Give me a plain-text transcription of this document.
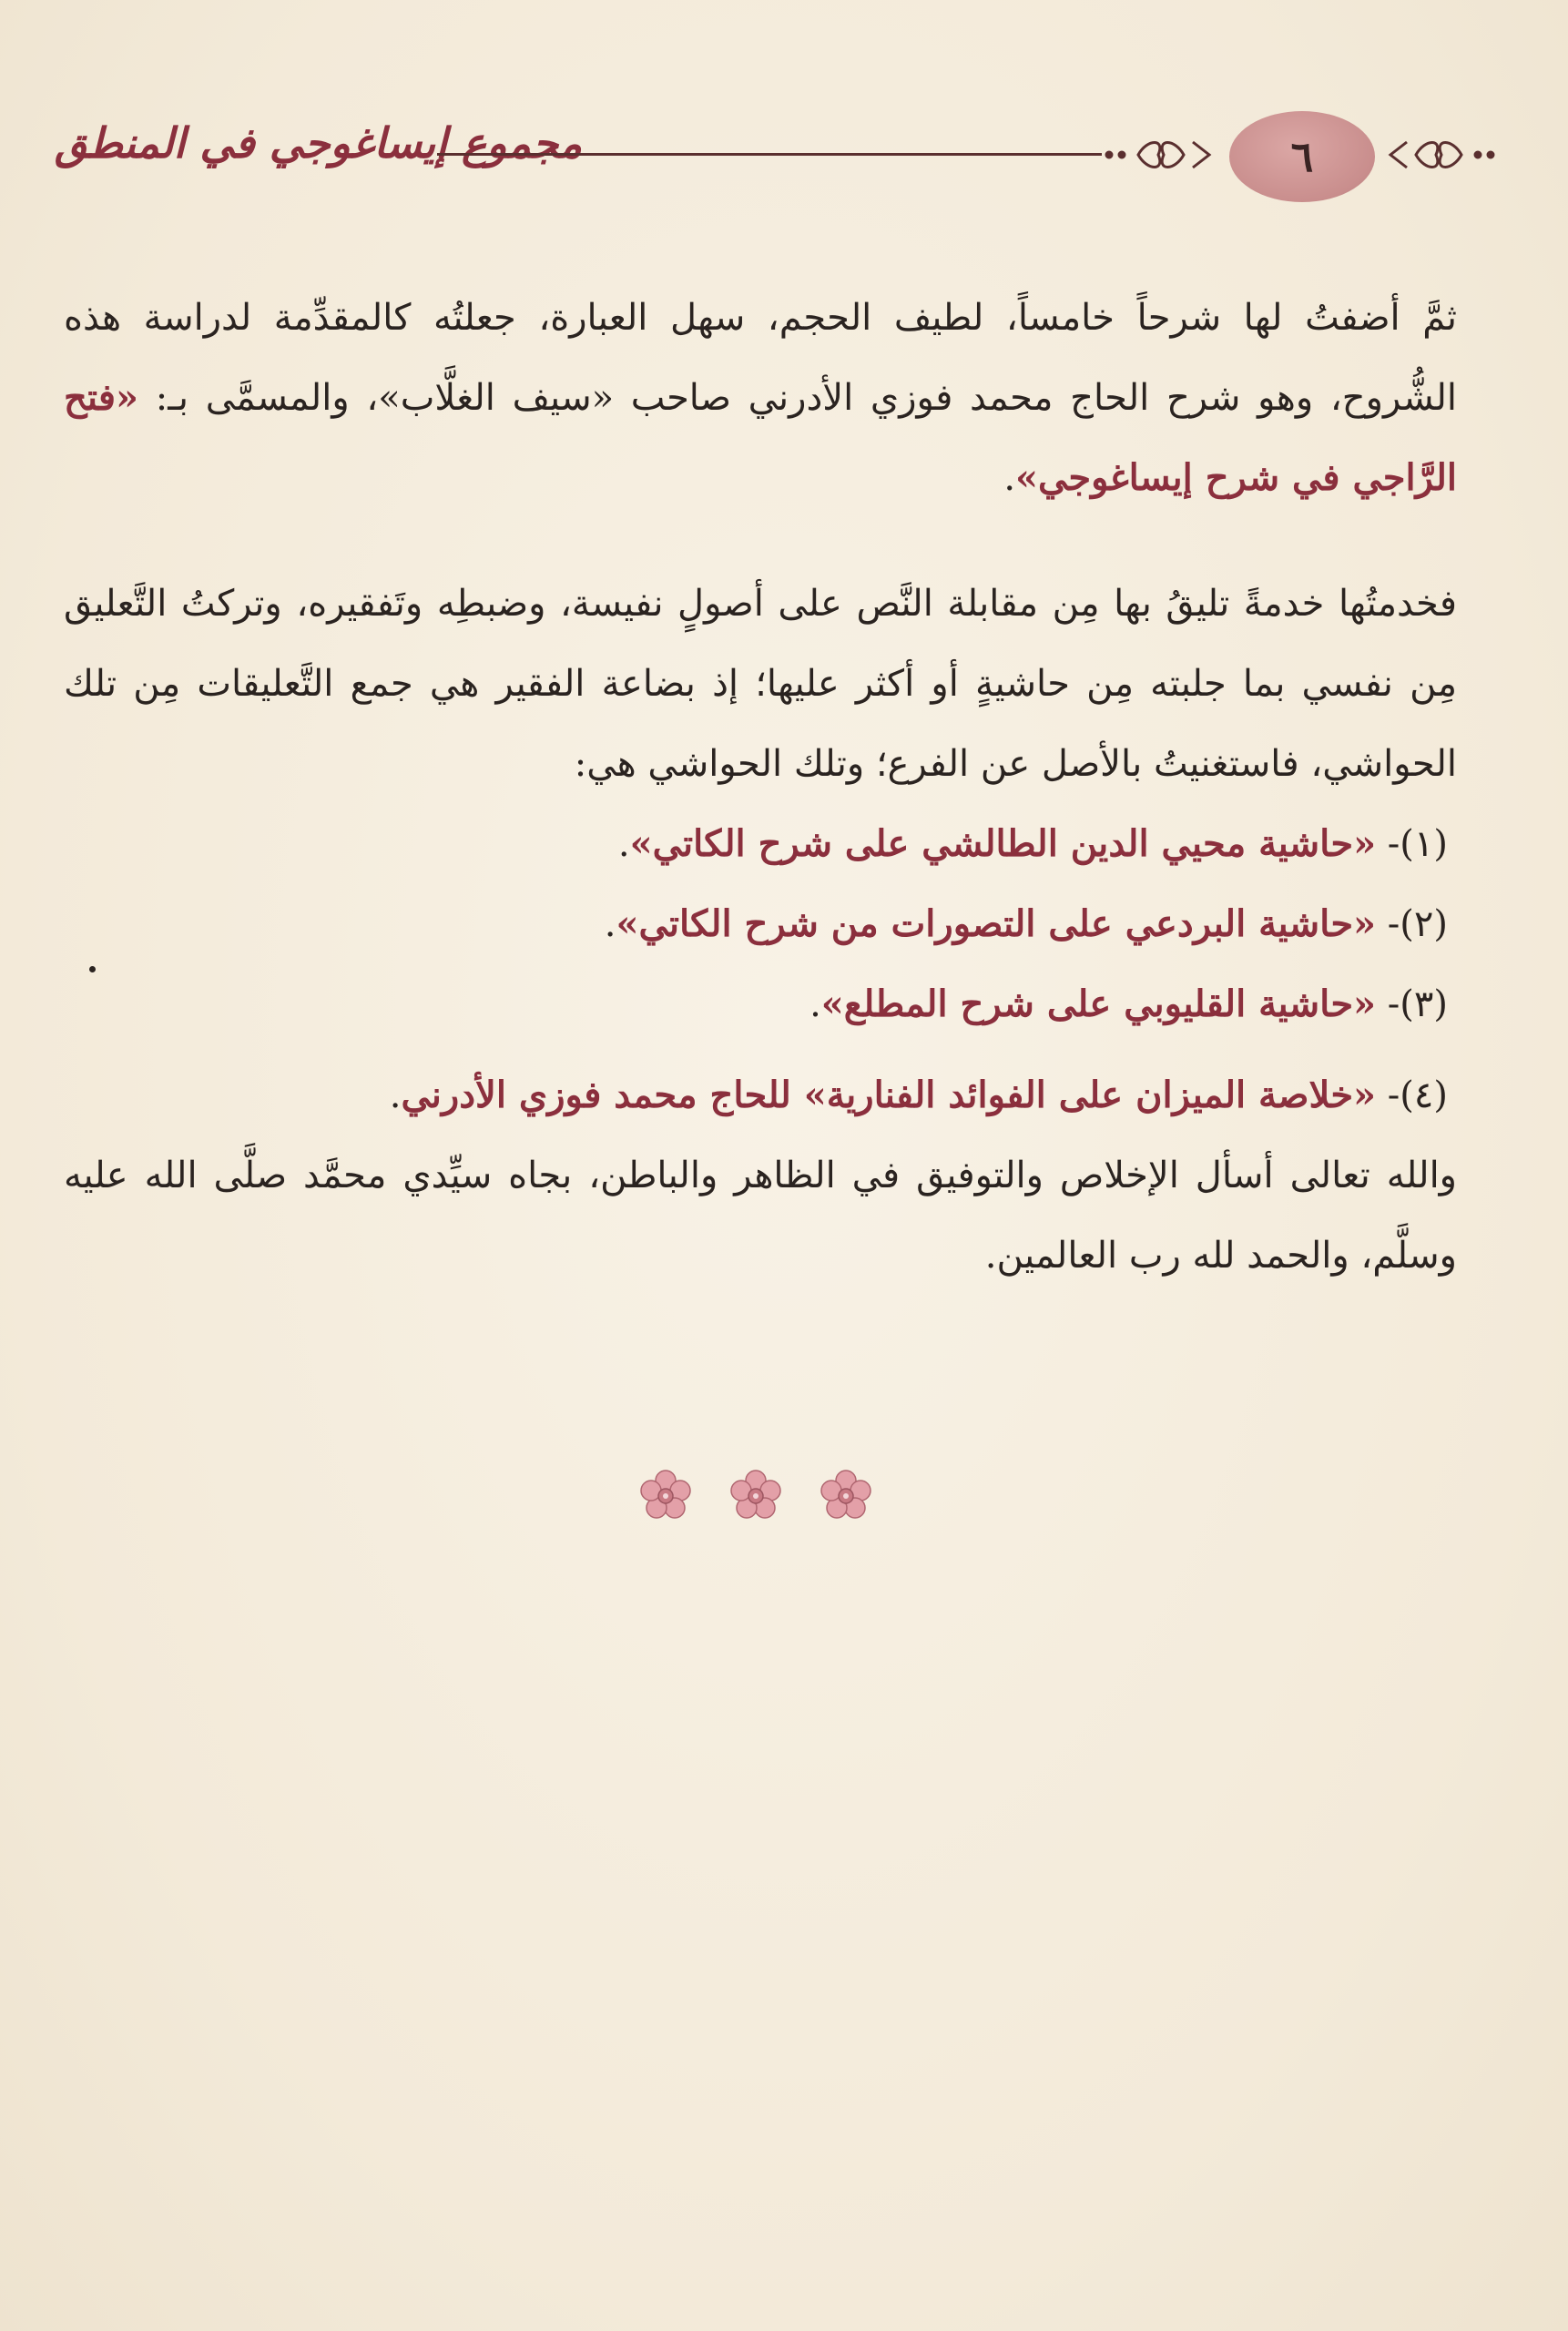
مجموع إيساغوجي في المنطق	٦

ثمَّ أضفتُ لها شرحاً خامساً، لطيف الحجم، سهل العبارة، جعلتُه كالمقدِّمة لدراسة هذه الشُّروح، وهو شرح الحاج محمد فوزي الأدرني صاحب «سيف الغلَّاب»، والمسمَّى بـ: «فتح الرَّاجي في شرح إيساغوجي».

فخدمتُها خدمةً تليقُ بها مِن مقابلة النَّص على أصولٍ نفيسة، وضبطِه وتَفقيره، وتركتُ التَّعليق مِن نفسي بما جلبته مِن حاشيةٍ أو أكثر عليها؛ إذ بضاعة الفقير هي جمع التَّعليقات مِن تلك الحواشي، فاستغنيتُ بالأصل عن الفرع؛ وتلك الحواشي هي:

(١)- «حاشية محيي الدين الطالشي على شرح الكاتي».

(٢)- «حاشية البردعي على التصورات من شرح الكاتي».

(٣)- «حاشية القليوبي على شرح المطلع».

(٤)- «خلاصة الميزان على الفوائد الفنارية» للحاج محمد فوزي الأدرني.

والله تعالى أسأل الإخلاص والتوفيق في الظاهر والباطن، بجاه سيِّدي محمَّد صلَّى الله عليه وسلَّم، والحمد لله رب العالمين.
